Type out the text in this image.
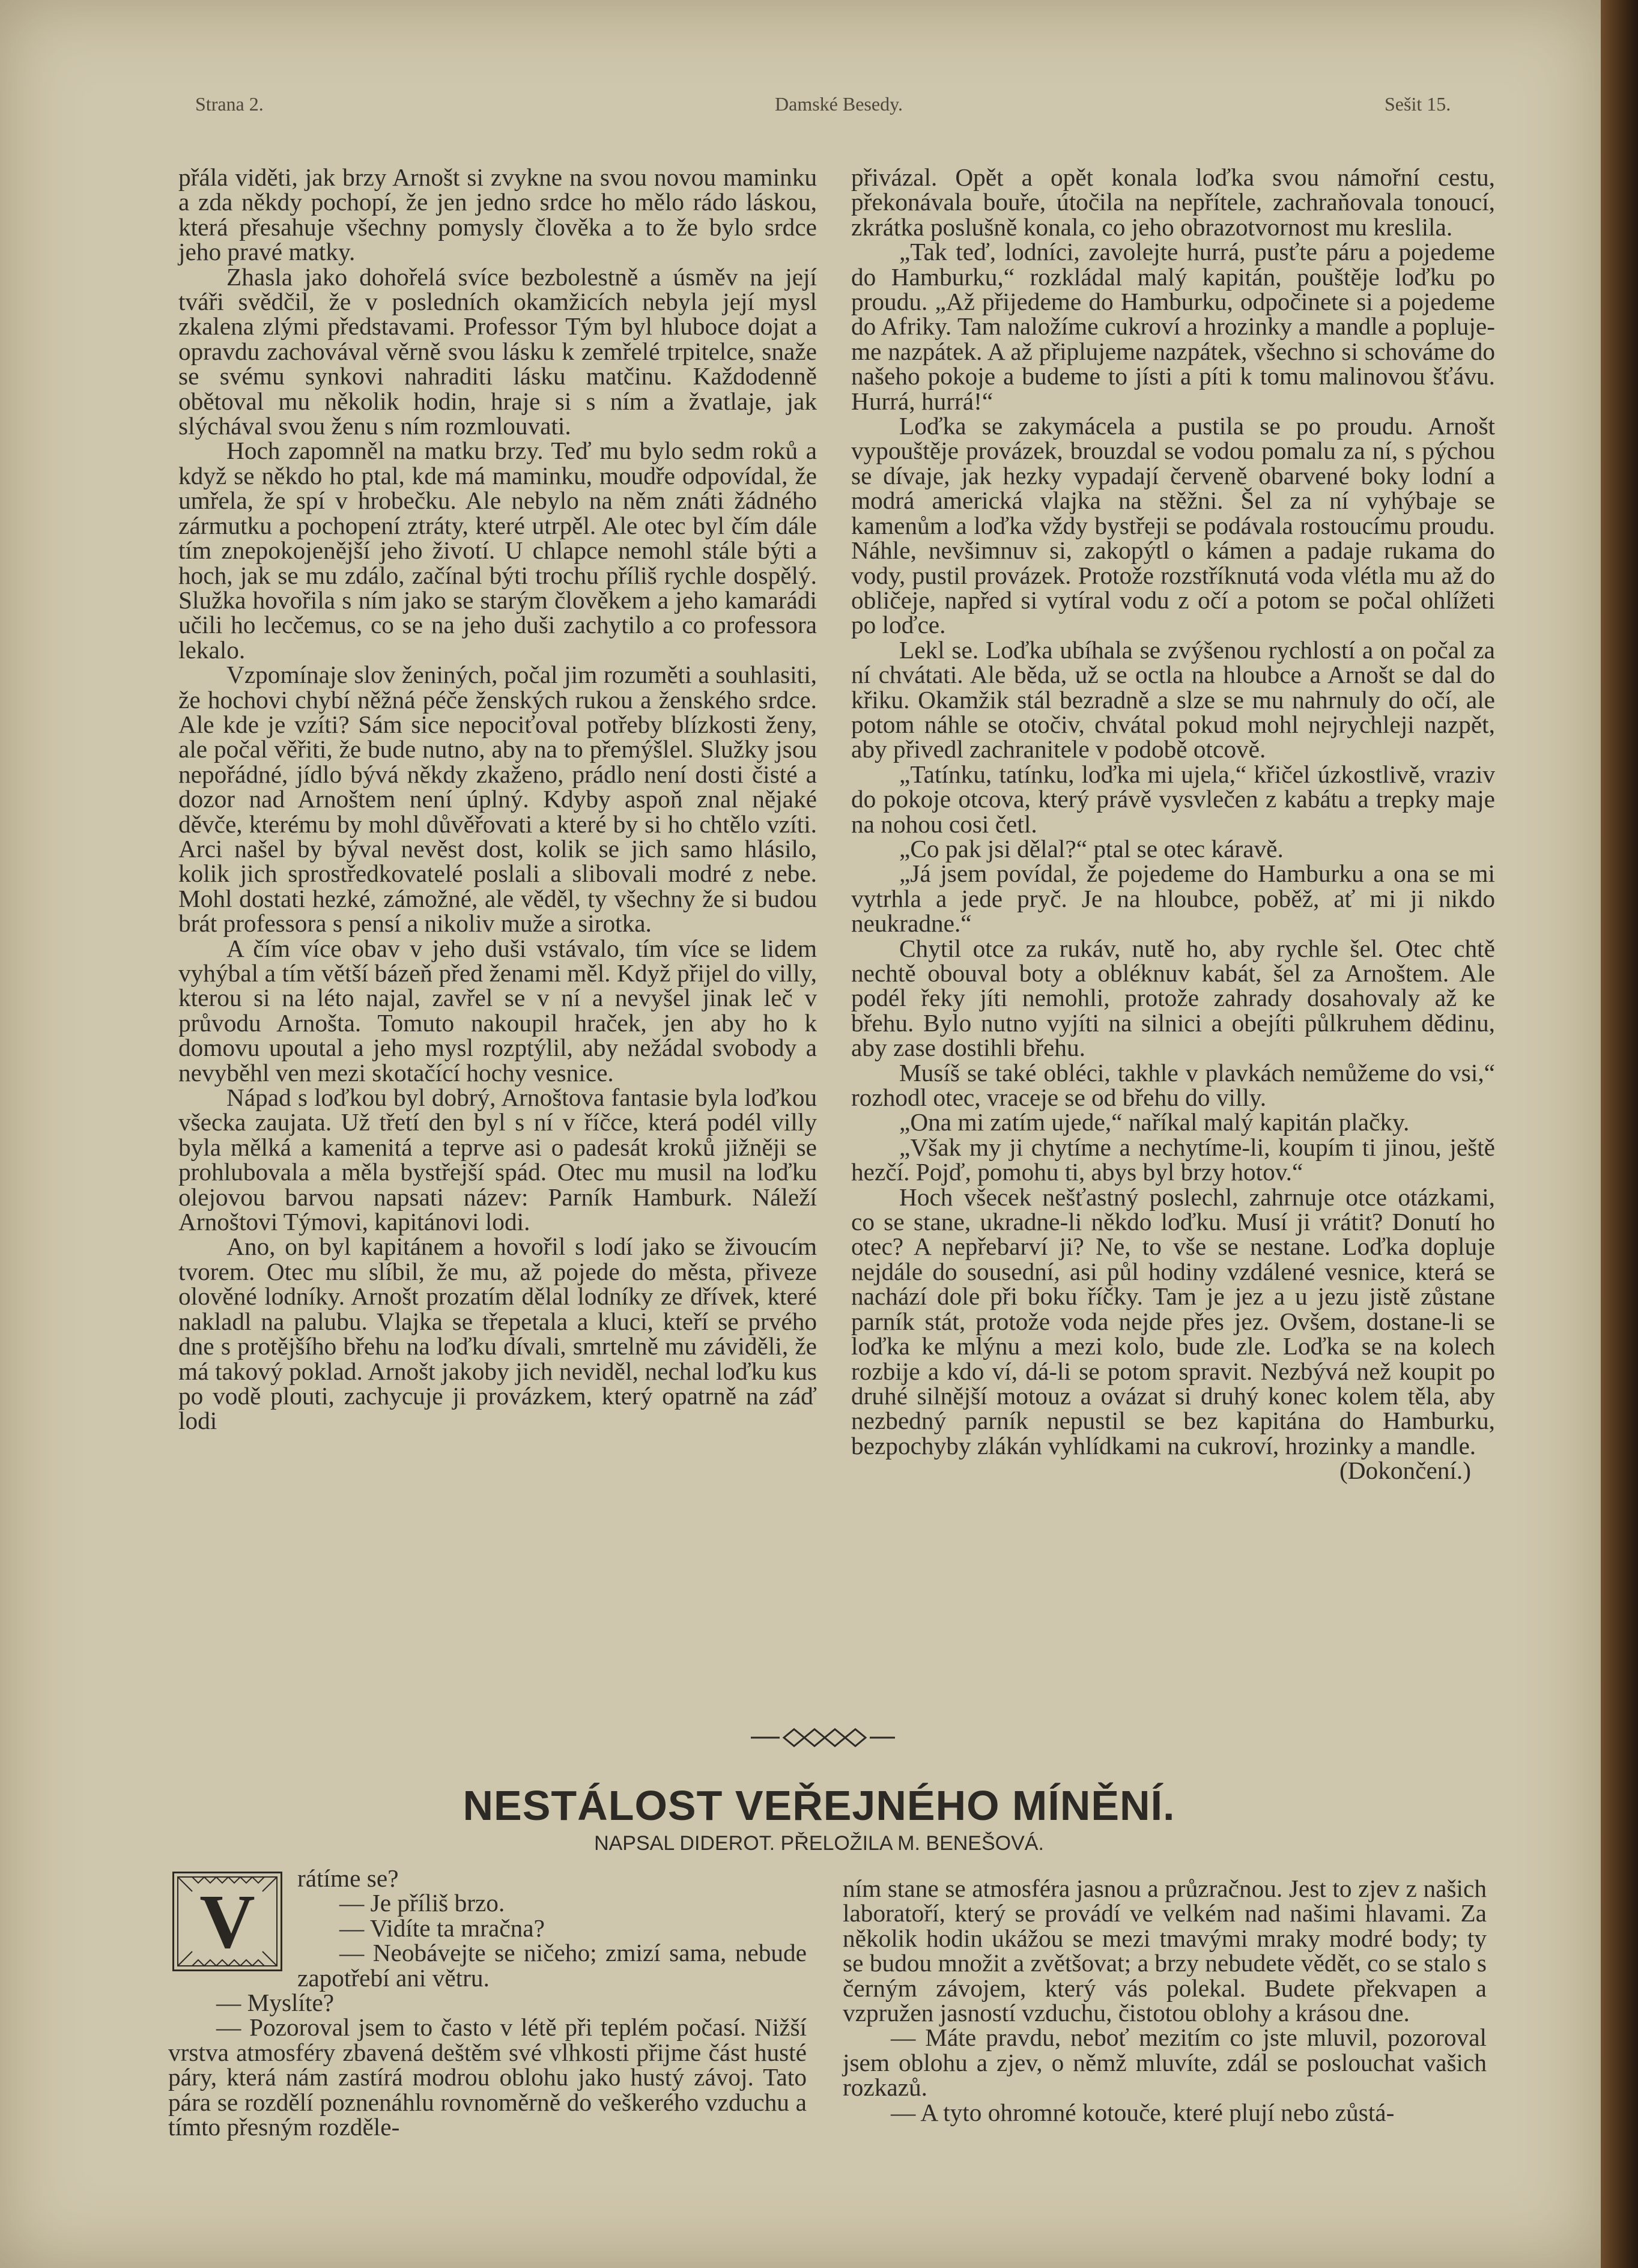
Strana 2.	Damské Besedy.	Sešit 15.

přála viděti, jak brzy Arnošt si zvykne na svou novou maminku a zda někdy pochopí, že jen jedno srdce ho mělo rádo láskou, která přesahuje všechny pomysly člověka a to že bylo srdce jeho pravé matky.

Zhasla jako dohořelá svíce bezbolestně a úsměv na její tváři svědčil, že v posledních okamžicích nebyla její mysl zkalena zlými představami. Professor Tým byl hluboce dojat a opravdu zachovával věrně svou lásku k zemřelé trpitelce, snaže se svému synkovi nahraditi lásku matčinu. Každodenně obětoval mu několik hodin, hraje si s ním a žvatlaje, jak slýchával svou ženu s ním rozmlouvati.

Hoch zapomněl na matku brzy. Teď mu bylo sedm roků a když se někdo ho ptal, kde má maminku, moudře odpovídal, že umřela, že spí v hrobečku. Ale nebylo na něm znáti žádného zármutku a pochopení ztráty, které utrpěl. Ale otec byl čím dále tím znepokojenější jeho životí. U chlapce nemohl stále býti a hoch, jak se mu zdálo, začínal býti trochu příliš rychle dospělý. Služka hovořila s ním jako se starým člověkem a jeho kamarádi učili ho lecčemus, co se na jeho duši zachytilo a co professora lekalo.

Vzpomínaje slov ženiných, počal jim rozuměti a souhlasiti, že hochovi chybí něžná péče ženských rukou a ženského srdce. Ale kde je vzíti? Sám sice nepociťoval potřeby blízkosti ženy, ale počal věřiti, že bude nutno, aby na to přemýšlel. Služky jsou nepořádné, jídlo bývá někdy zkaženo, prádlo není dosti čisté a dozor nad Arnoštem není úplný. Kdyby aspoň znal nějaké děvče, kterému by mohl důvěřovati a které by si ho chtělo vzíti. Arci našel by býval nevěst dost, kolik se jich samo hlásilo, kolik jich sprostředkovatelé poslali a slibovali modré z nebe. Mohl dostati hezké, zámožné, ale věděl, ty všechny že si budou brát professora s pensí a nikoliv muže a sirotka.

A čím více obav v jeho duši vstávalo, tím více se lidem vyhýbal a tím větší bázeň před ženami měl. Když přijel do villy, kterou si na léto najal, zavřel se v ní a nevyšel jinak leč v průvodu Arnošta. Tomuto nakoupil hraček, jen aby ho k domovu upoutal a jeho mysl rozptýlil, aby nežádal svobody a nevyběhl ven mezi skotačící hochy vesnice.

Nápad s loďkou byl dobrý, Arnoštova fantasie byla loďkou všecka zaujata. Už třetí den byl s ní v říčce, která podél villy byla mělká a kamenitá a teprve asi o padesát kroků jižněji se prohlubovala a měla bystřejší spád. Otec mu musil na loďku olejovou barvou napsati název: Parník Hamburk. Náleží Arnoštovi Týmovi, kapitánovi lodi.

Ano, on byl kapitánem a hovořil s lodí jako se živoucím tvorem. Otec mu slíbil, že mu, až pojede do města, přiveze olověné lodníky. Arnošt prozatím dělal lodníky ze dřívek, které nakladl na palubu. Vlajka se třepetala a kluci, kteří se prvého dne s protějšího břehu na loďku dívali, smrtelně mu záviděli, že má takový poklad. Arnošt jakoby jich neviděl, nechal loďku kus po vodě plouti, zachycuje ji provázkem, který opatrně na záď lodi

přivázal. Opět a opět konala loďka svou námořní cestu, překonávala bouře, útočila na nepřítele, zachraňovala tonoucí, zkrátka poslušně konala, co jeho obrazotvornost mu kreslila.

„Tak teď, lodníci, zavolejte hurrá, pusťte páru a pojedeme do Hamburku,“ rozkládal malý kapitán, pouštěje loďku po proudu. „Až přijedeme do Hamburku, odpočinete si a pojedeme do Afriky. Tam naložíme cukroví a hrozinky a mandle a poplujeme nazpátek. A až připlujeme nazpátek, všechno si schováme do našeho pokoje a budeme to jísti a píti k tomu malinovou šťávu. Hurrá, hurrá!“

Loďka se zakymácela a pustila se po proudu. Arnošt vypouštěje provázek, brouzdal se vodou pomalu za ní, s pýchou se dívaje, jak hezky vypadají červeně obarvené boky lodní a modrá americká vlajka na stěžni. Šel za ní vyhýbaje se kamenům a loďka vždy bystřeji se podávala rostoucímu proudu. Náhle, nevšimnuv si, zakopýtl o kámen a padaje rukama do vody, pustil provázek. Protože rozstříknutá voda vlétla mu až do obličeje, napřed si vytíral vodu z očí a potom se počal ohlížeti po loďce.

Lekl se. Loďka ubíhala se zvýšenou rychlostí a on počal za ní chvátati. Ale běda, už se octla na hloubce a Arnošt se dal do křiku. Okamžik stál bezradně a slze se mu nahrnuly do očí, ale potom náhle se otočiv, chvátal pokud mohl nejrychleji nazpět, aby přivedl zachranitele v podobě otcově.

„Tatínku, tatínku, loďka mi ujela,“ křičel úzkostlivě, vraziv do pokoje otcova, který právě vysvlečen z kabátu a trepky maje na nohou cosi četl.

„Co pak jsi dělal?“ ptal se otec káravě.

„Já jsem povídal, že pojedeme do Hamburku a ona se mi vytrhla a jede pryč. Je na hloubce, poběž, ať mi ji nikdo neukradne.“

Chytil otce za rukáv, nutě ho, aby rychle šel. Otec chtě nechtě obouval boty a obléknuv kabát, šel za Arnoštem. Ale podél řeky jíti nemohli, protože zahrady dosahovaly až ke břehu. Bylo nutno vyjíti na silnici a obejíti půlkruhem dědinu, aby zase dostihli břehu.

Musíš se také obléci, takhle v plavkách nemůžeme do vsi,“ rozhodl otec, vraceje se od břehu do villy.

„Ona mi zatím ujede,“ naříkal malý kapitán plačky.

„Však my ji chytíme a nechytíme-li, koupím ti jinou, ještě hezčí. Pojď, pomohu ti, abys byl brzy hotov.“

Hoch všecek nešťastný poslechl, zahrnuje otce otázkami, co se stane, ukradne-li někdo loďku. Musí ji vrátit? Donutí ho otec? A nepřebarví ji? Ne, to vše se nestane. Loďka dopluje nejdále do sousední, asi půl hodiny vzdálené vesnice, která se nachází dole při boku říčky. Tam je jez a u jezu jistě zůstane parník stát, protože voda nejde přes jez. Ovšem, dostane-li se loďka ke mlýnu a mezi kolo, bude zle. Loďka se na kolech rozbije a kdo ví, dá-li se potom spravit. Nezbývá než koupit po druhé silnější motouz a ovázat si druhý konec kolem těla, aby nezbedný parník nepustil se bez kapitána do Hamburku, bezpochyby zlákán vyhlídkami na cukroví, hrozinky a mandle.

(Dokončení.)

NESTÁLOST VEŘEJNÉHO MÍNĚNÍ.
NAPSAL DIDEROT. PŘELOŽILA M. BENEŠOVÁ.
V

rátíme se?

— Je příliš brzo.

— Vidíte ta mračna?

— Neobávejte se ničeho; zmizí sama, nebude zapotřebí ani větru.

— Myslíte?

— Pozoroval jsem to často v létě při teplém počasí. Nižší vrstva atmosféry zbavená deštěm své vlhkosti přijme část husté páry, která nám zastírá modrou oblohu jako hustý závoj. Tato pára se rozdělí poznenáhlu rovnoměrně do veškerého vzduchu a tímto přesným rozděle-

ním stane se atmosféra jasnou a průzračnou. Jest to zjev z našich laboratoří, který se provádí ve velkém nad našimi hlavami. Za několik hodin ukážou se mezi tmavými mraky modré body; ty se budou množit a zvětšovat; a brzy nebudete vědět, co se stalo s černým závojem, který vás polekal. Budete překvapen a vzpružen jasností vzduchu, čistotou oblohy a krásou dne.

— Máte pravdu, neboť mezitím co jste mluvil, pozoroval jsem oblohu a zjev, o němž mluvíte, zdál se poslouchat vašich rozkazů.

— A tyto ohromné kotouče, které plují nebo zůstá-
